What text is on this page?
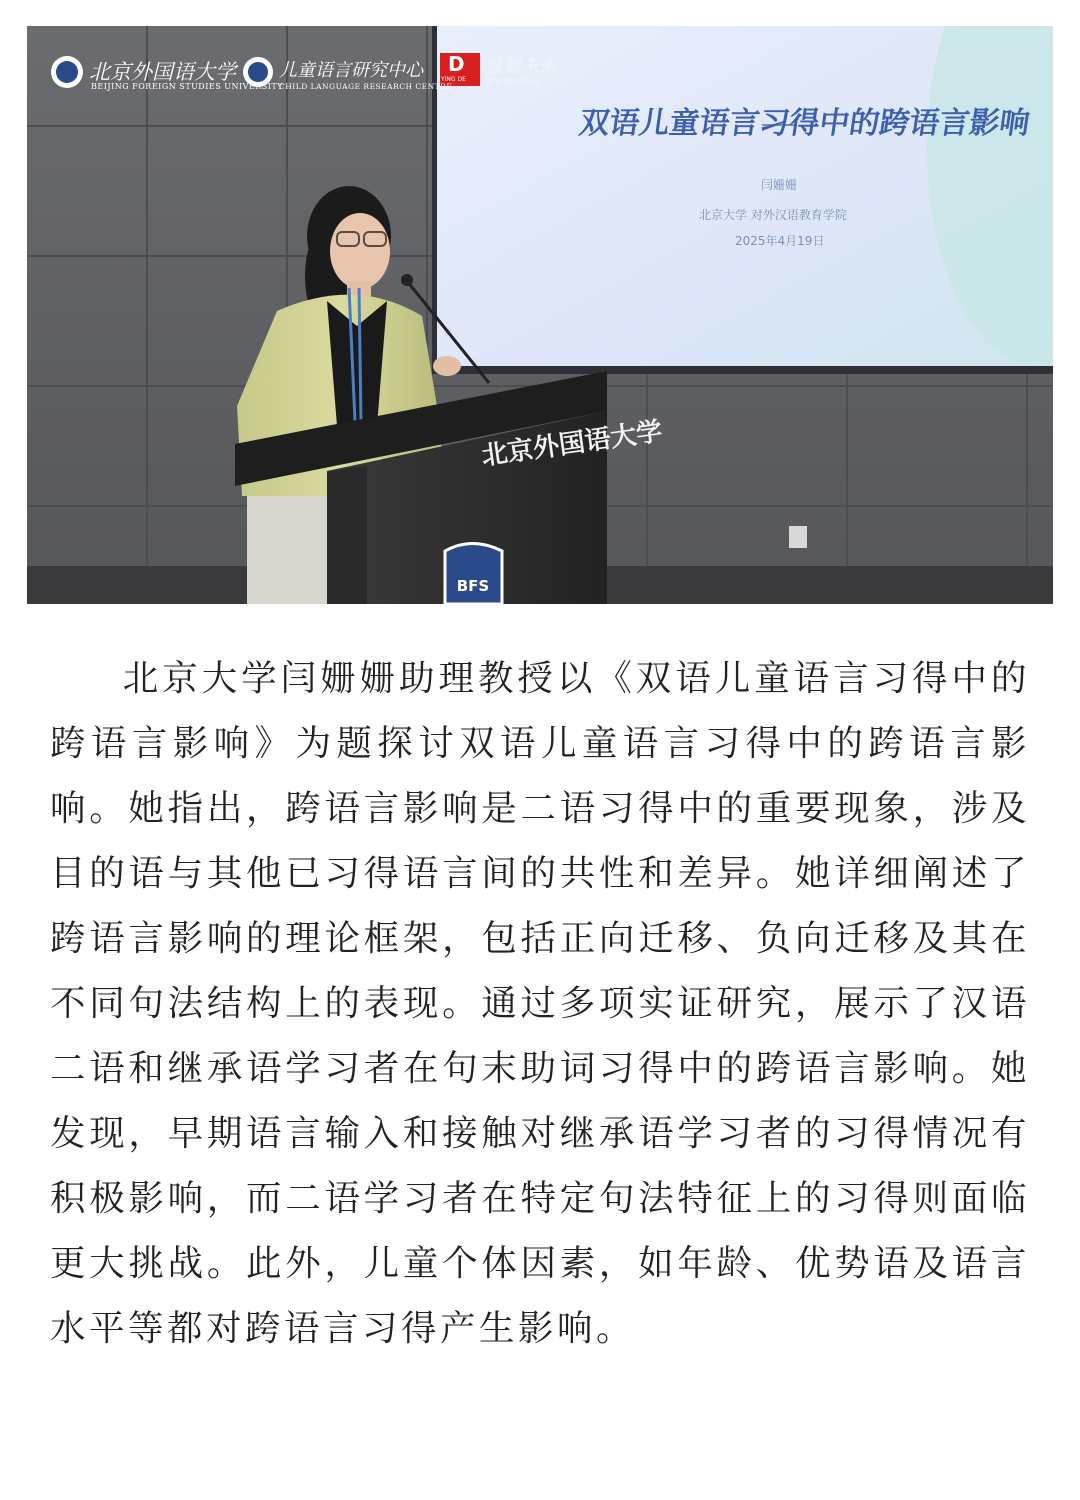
BFS
北京外国语大学
BEIJING FOREIGN STUDIES UNIVERSITY
儿童语言研究中心
CHILD LANGUAGE RESEARCH CENTRE
D
YING DE
盛德未来
教育测评研究
双语儿童语言习得中的跨语言影响
闫姗姗
北京大学 对外汉语教育学院
2025年4月19日
北京外国语大学

北京大学闫姗姗助理教授以《双语儿童语言习得中的跨语言影响》为题探讨双语儿童语言习得中的跨语言影响。她指出，跨语言影响是二语习得中的重要现象，涉及目的语与其他已习得语言间的共性和差异。她详细阐述了跨语言影响的理论框架，包括正向迁移、负向迁移及其在不同句法结构上的表现。通过多项实证研究，展示了汉语二语和继承语学习者在句末助词习得中的跨语言影响。她发现，早期语言输入和接触对继承语学习者的习得情况有积极影响，而二语学习者在特定句法特征上的习得则面临更大挑战。此外，儿童个体因素，如年龄、优势语及语言水平等都对跨语言习得产生影响。
